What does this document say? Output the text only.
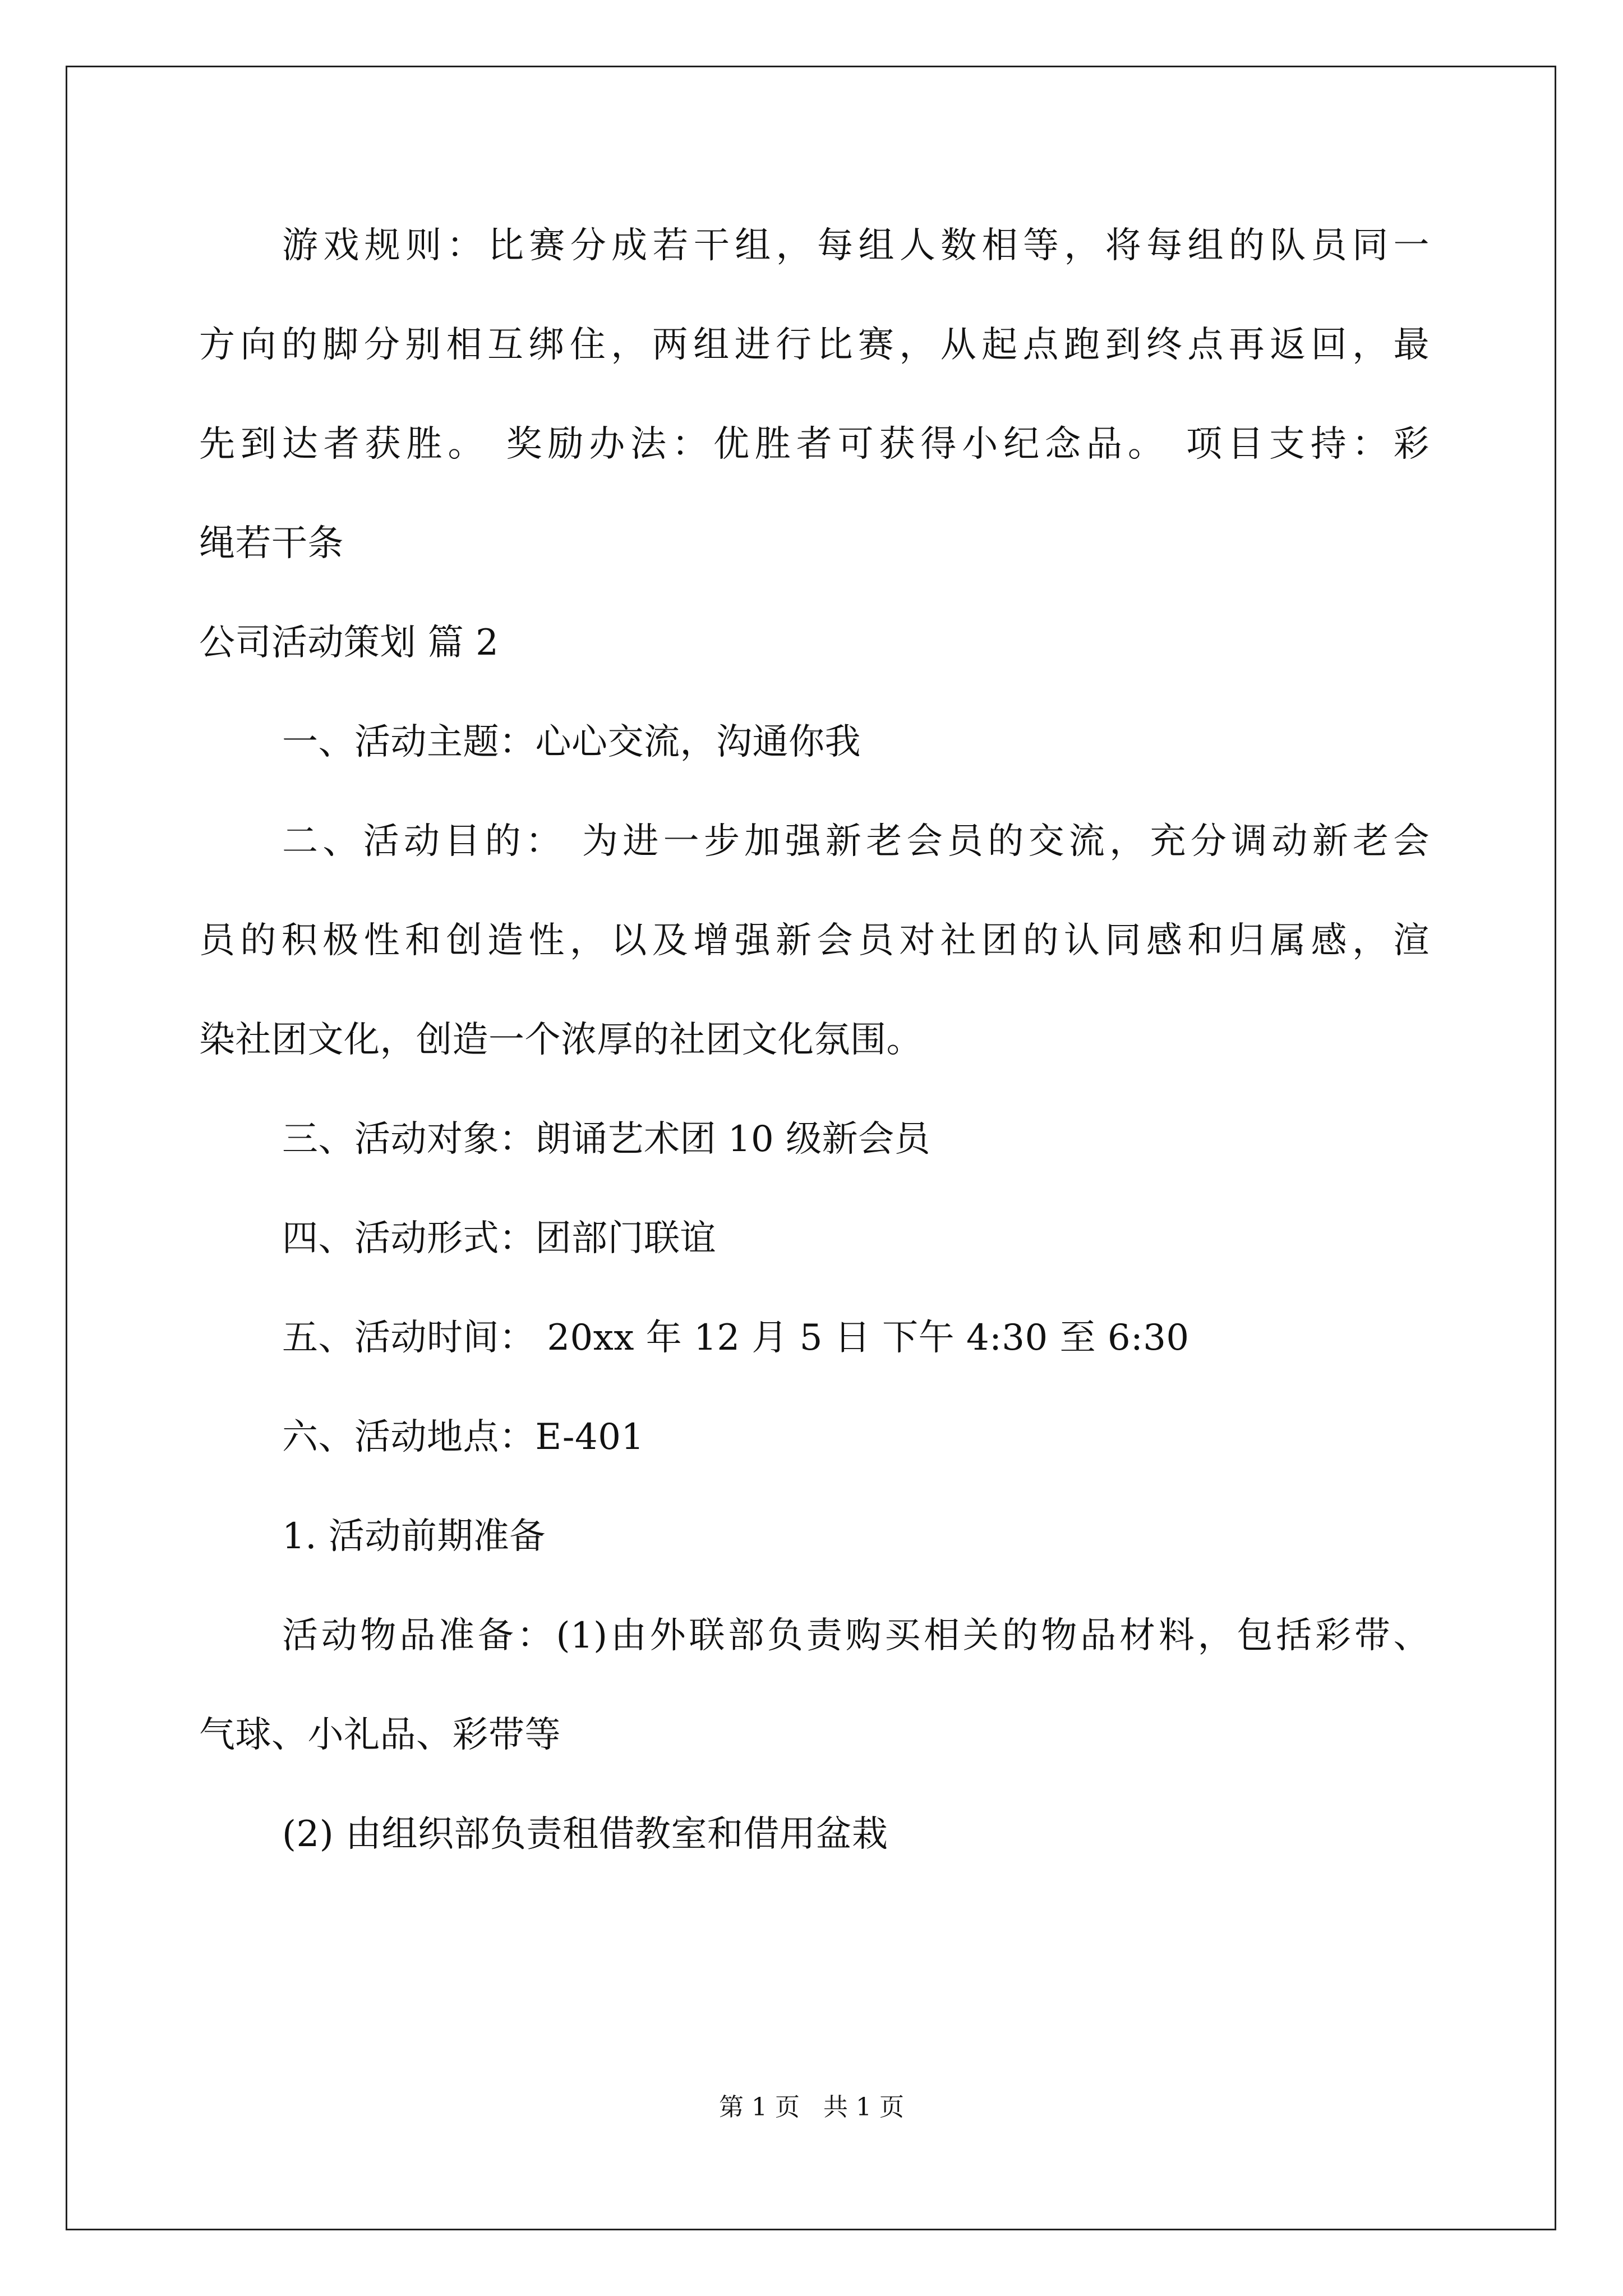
游戏规则：比赛分成若干组，每组人数相等，将每组的队员同一
方向的脚分别相互绑住，两组进行比赛，从起点跑到终点再返回，最
先到达者获胜。 奖励办法：优胜者可获得小纪念品。 项目支持：彩
绳若干条
公司活动策划 篇 2
一、活动主题：心心交流，沟通你我
二、活动目的： 为进一步加强新老会员的交流，充分调动新老会
员的积极性和创造性，以及增强新会员对社团的认同感和归属感，渲
染社团文化，创造一个浓厚的社团文化氛围。
三、活动对象：朗诵艺术团 10 级新会员
四、活动形式：团部门联谊
五、活动时间： 20xx 年 12 月 5 日 下午 4:30 至 6:30
六、活动地点：E-401
1. 活动前期准备
活动物品准备：(1)由外联部负责购买相关的物品材料，包括彩带、
气球、小礼品、彩带等
(2) 由组织部负责租借教室和借用盆栽
第 1 页 共 1 页
